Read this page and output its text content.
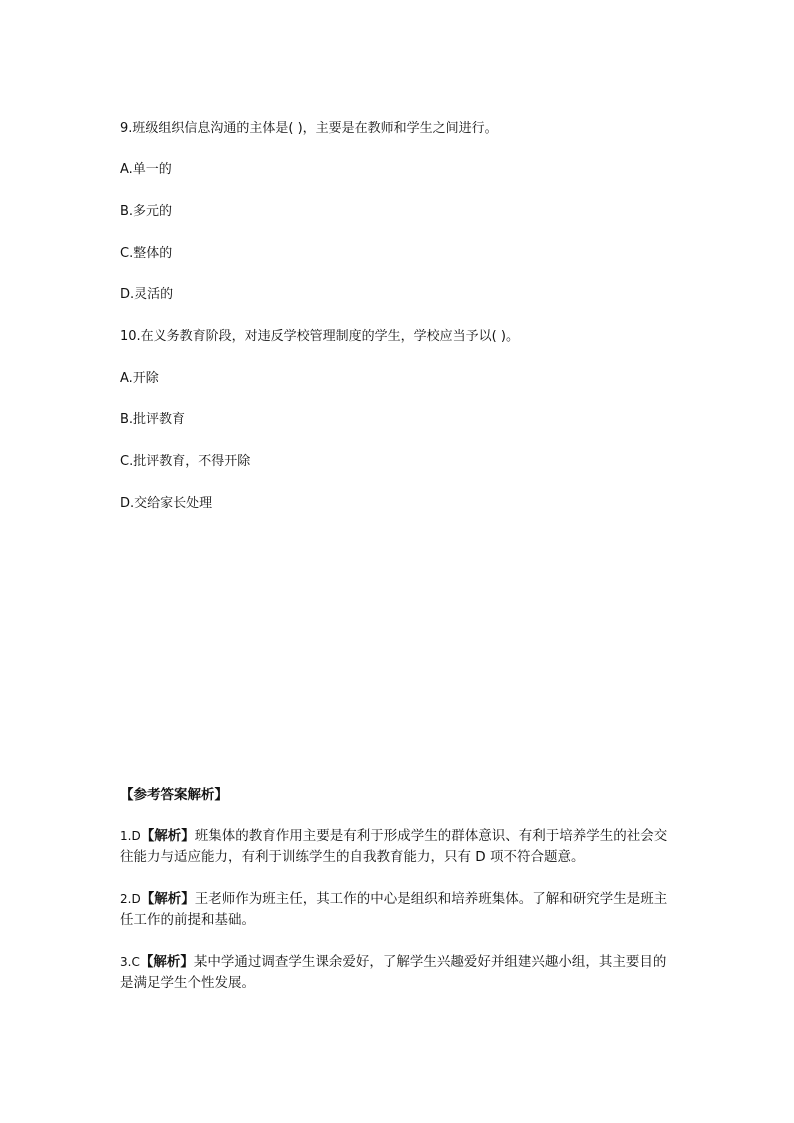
9.班级组织信息沟通的主体是( )，主要是在教师和学生之间进行。
A.单一的
B.多元的
C.整体的
D.灵活的
10.在义务教育阶段，对违反学校管理制度的学生，学校应当予以( )。
A.开除
B.批评教育
C.批评教育，不得开除
D.交给家长处理
【参考答案解析】
1.D【解析】班集体的教育作用主要是有利于形成学生的群体意识、有利于培养学生的社会交往能力与适应能力，有利于训练学生的自我教育能力，只有 D 项不符合题意。
2.D【解析】王老师作为班主任，其工作的中心是组织和培养班集体。了解和研究学生是班主任工作的前提和基础。
3.C【解析】某中学通过调查学生课余爱好，了解学生兴趣爱好并组建兴趣小组，其主要目的是满足学生个性发展。
